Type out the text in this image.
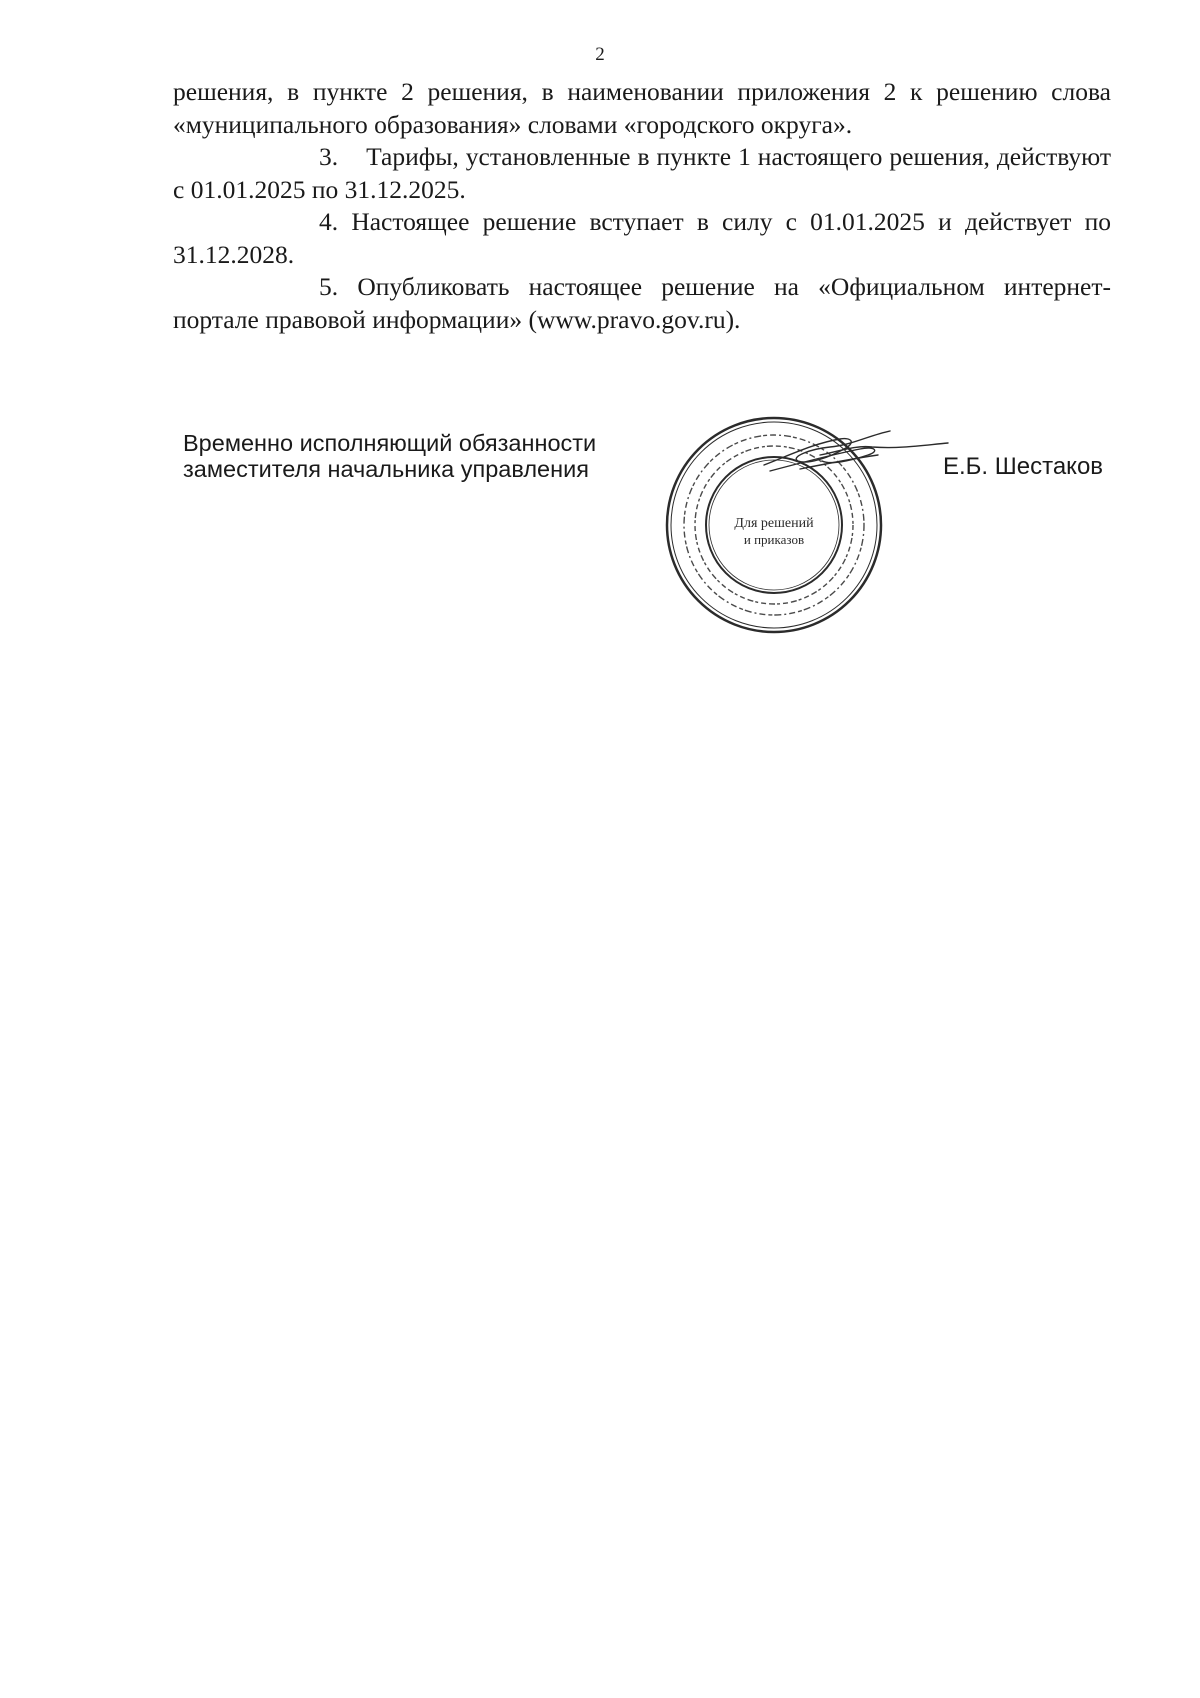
2

решения, в пункте 2 решения, в наименовании приложения 2 к решению слова «муниципального образования» словами «городского округа».

3. Тарифы, установленные в пункте 1 настоящего решения, действуют с 01.01.2025 по 31.12.2025.

4. Настоящее решение вступает в силу с 01.01.2025 и действует по 31.12.2028.

5. Опубликовать настоящее решение на «Официальном интернет-портале правовой информации» (www.pravo.gov.ru).

Временно исполняющий обязанности
заместителя начальника управления
Для решений
и приказов
Е.Б. Шестаков
